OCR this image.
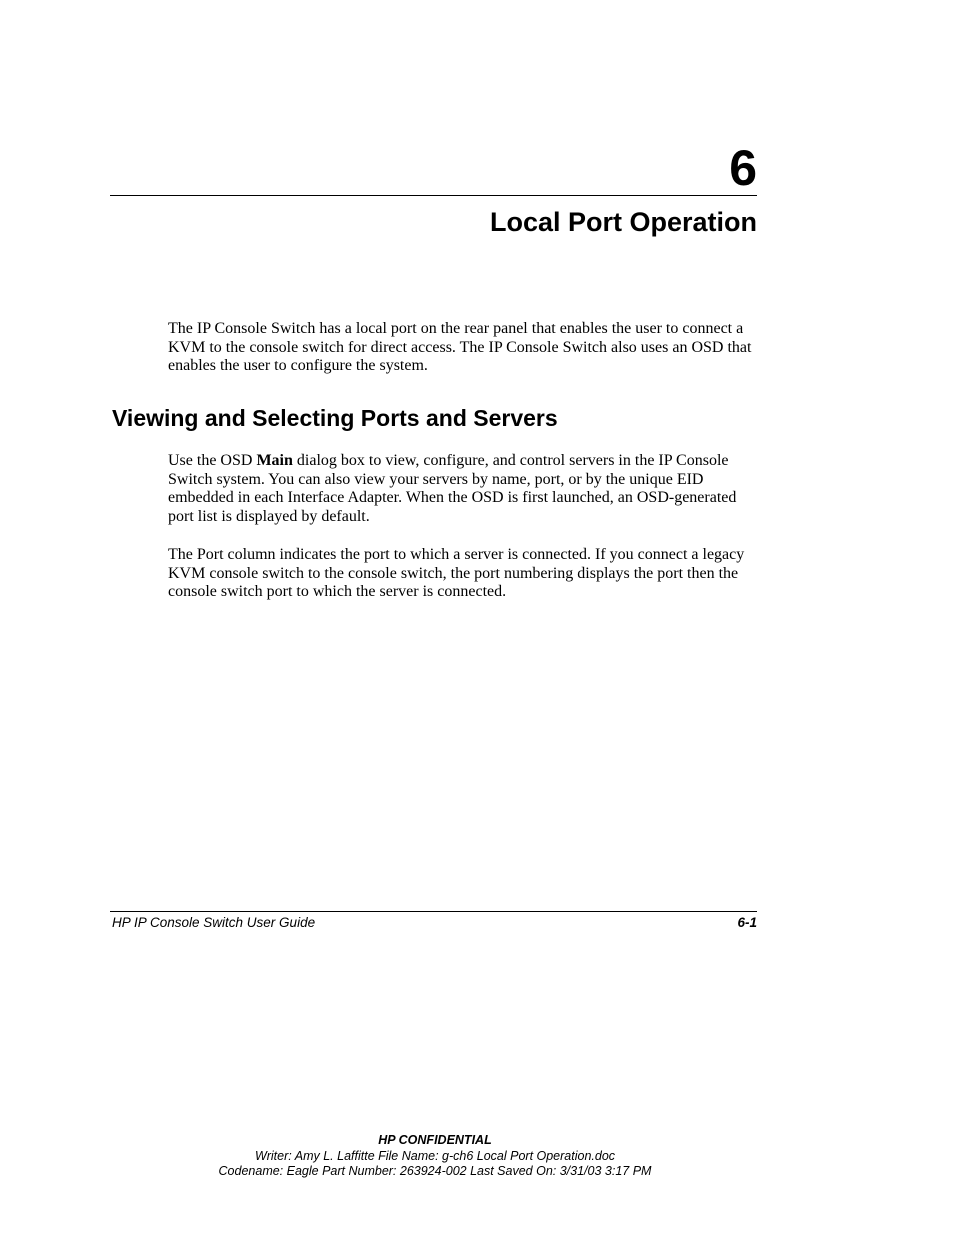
6
Local Port Operation

The IP Console Switch has a local port on the rear panel that enables the user to connect a KVM to the console switch for direct access. The IP Console Switch also uses an OSD that enables the user to configure the system.

Viewing and Selecting Ports and Servers

Use the OSD Main dialog box to view, configure, and control servers in the IP Console Switch system. You can also view your servers by name, port, or by the unique EID embedded in each Interface Adapter. When the OSD is first launched, an OSD-generated port list is displayed by default.

The Port column indicates the port to which a server is connected. If you connect a legacy KVM console switch to the console switch, the port numbering displays the port then the console switch port to which the server is connected.

HP IP Console Switch User Guide	6-1
HP CONFIDENTIAL
Writer: Amy L. Laffitte File Name: g-ch6 Local Port Operation.doc
Codename: Eagle Part Number: 263924-002 Last Saved On: 3/31/03 3:17 PM
